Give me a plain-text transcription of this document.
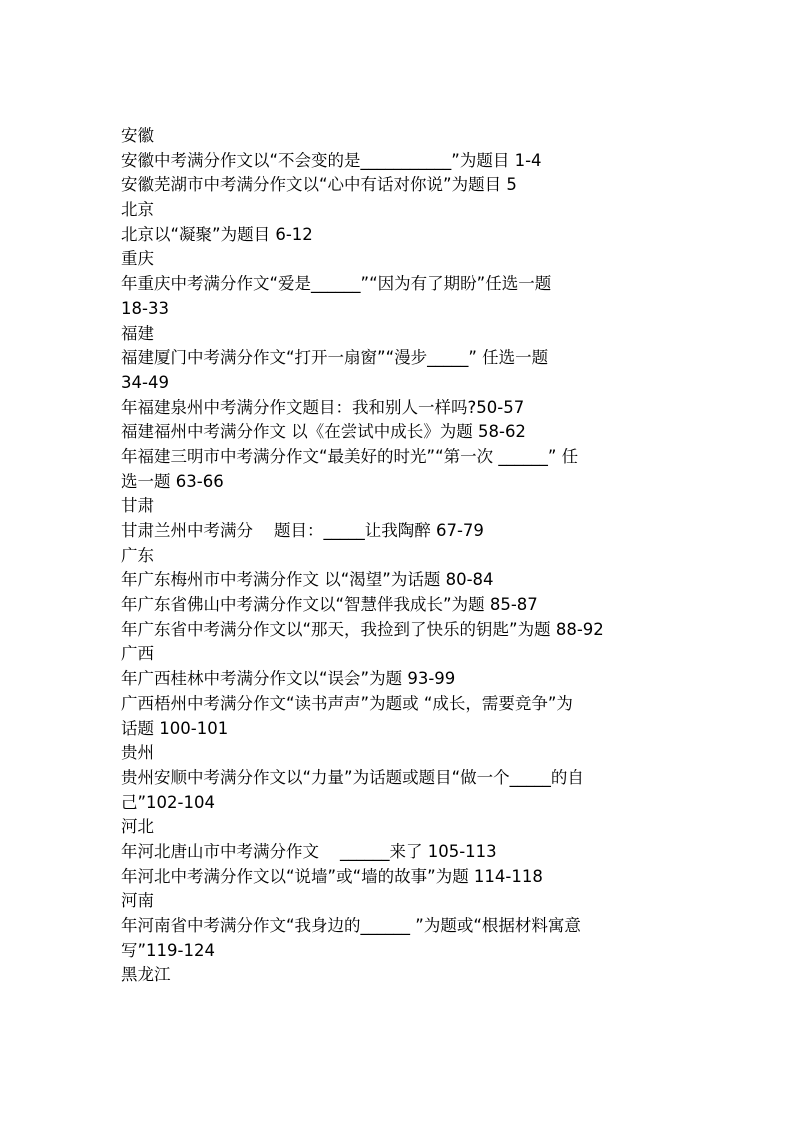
安徽
安徽中考满分作文以“不会变的是___________”为题目 1-4
安徽芜湖市中考满分作文以“心中有话对你说”为题目 5
北京
北京以“凝聚”为题目 6-12
重庆
年重庆中考满分作文“爱是______”“因为有了期盼”任选一题
18-33
福建
福建厦门中考满分作文“打开一扇窗”“漫步_____” 任选一题
34-49
年福建泉州中考满分作文题目：我和别人一样吗?50-57
福建福州中考满分作文 以《在尝试中成长》为题 58-62
年福建三明市中考满分作文“最美好的时光”“第一次 ______” 任
选一题 63-66
甘肃
甘肃兰州中考满分    题目：_____让我陶醉 67-79
广东
年广东梅州市中考满分作文 以“渴望”为话题 80-84
年广东省佛山中考满分作文以“智慧伴我成长”为题 85-87
年广东省中考满分作文以“那天，我捡到了快乐的钥匙”为题 88-92
广西
年广西桂林中考满分作文以“误会”为题 93-99
广西梧州中考满分作文“读书声声”为题或 “成长，需要竞争”为
话题 100-101
贵州
贵州安顺中考满分作文以“力量”为话题或题目“做一个_____的自
己”102-104
河北
年河北唐山市中考满分作文    ______来了 105-113
年河北中考满分作文以“说墙”或“墙的故事”为题 114-118
河南
年河南省中考满分作文“我身边的______ ”为题或“根据材料寓意
写”119-124
黑龙江
